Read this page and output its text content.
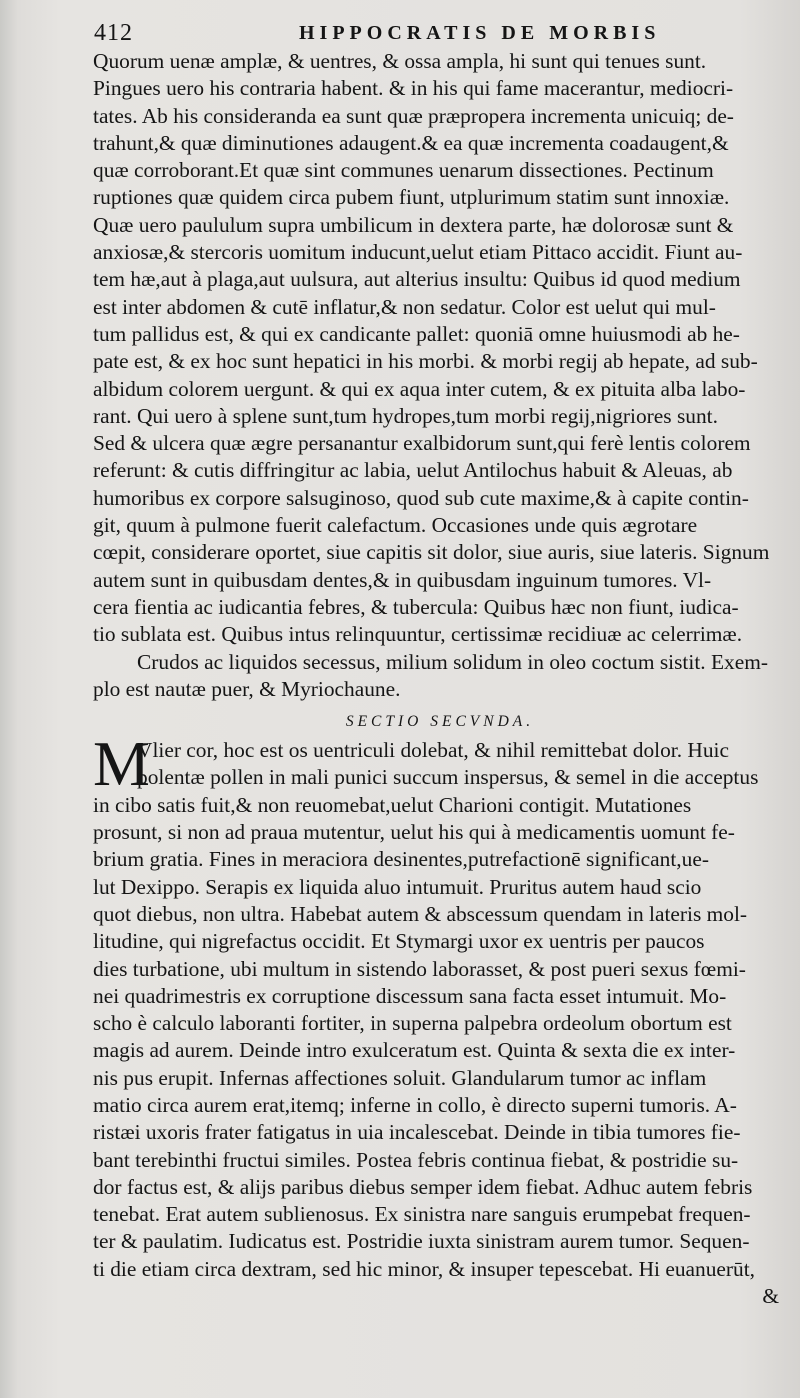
412	HIPPOCRATIS DE MORBIS
Quorum uenæ amplæ, & uentres, & ossa ampla, hi sunt qui tenues sunt.
Pingues uero his contraria habent. & in his qui fame macerantur, mediocri-
tates. Ab his consideranda ea sunt quæ præpropera incrementa unicuiq; de-
trahunt,& quæ diminutiones adaugent.& ea quæ incrementa coadaugent,&
quæ corroborant.Et quæ sint communes uenarum dissectiones. Pectinum
ruptiones quæ quidem circa pubem fiunt, utplurimum statim sunt innoxiæ.
Quæ uero paululum supra umbilicum in dextera parte, hæ dolorosæ sunt &
anxiosæ,& stercoris uomitum inducunt,uelut etiam Pittaco accidit. Fiunt au-
tem hæ,aut à plaga,aut uulsura, aut alterius insultu: Quibus id quod medium
est inter abdomen & cutē inflatur,& non sedatur. Color est uelut qui mul-
tum pallidus est, & qui ex candicante pallet: quoniā omne huiusmodi ab he-
pate est, & ex hoc sunt hepatici in his morbi. & morbi regij ab hepate, ad sub-
albidum colorem uergunt. & qui ex aqua inter cutem, & ex pituita alba labo-
rant. Qui uero à splene sunt,tum hydropes,tum morbi regij,nigriores sunt.
Sed & ulcera quæ ægre persanantur exalbidorum sunt,qui ferè lentis colorem
referunt: & cutis diffringitur ac labia, uelut Antilochus habuit & Aleuas, ab
humoribus ex corpore salsuginoso, quod sub cute maxime,& à capite contin-
git, quum à pulmone fuerit calefactum. Occasiones unde quis ægrotare
cœpit, considerare oportet, siue capitis sit dolor, siue auris, siue lateris. Signum
autem sunt in quibusdam dentes,& in quibusdam inguinum tumores. Vl-
cera fientia ac iudicantia febres, & tubercula: Quibus hæc non fiunt, iudica-
tio sublata est. Quibus intus relinquuntur, certissimæ recidiuæ ac celerrimæ.
Crudos ac liquidos secessus, milium solidum in oleo coctum sistit. Exem-
plo est nautæ puer, & Myriochaune.
SECTIO SECVNDA.
M
Vlier cor, hoc est os uentriculi dolebat, & nihil remittebat dolor. Huic
polentæ pollen in mali punici succum inspersus, & semel in die acceptus
in cibo satis fuit,& non reuomebat,uelut Charioni contigit. Mutationes
prosunt, si non ad praua mutentur, uelut his qui à medicamentis uomunt fe-
brium gratia. Fines in meraciora desinentes,putrefactionē significant,ue-
lut Dexippo. Serapis ex liquida aluo intumuit. Pruritus autem haud scio
quot diebus, non ultra. Habebat autem & abscessum quendam in lateris mol-
litudine, qui nigrefactus occidit. Et Stymargi uxor ex uentris per paucos
dies turbatione, ubi multum in sistendo laborasset, & post pueri sexus fœmi-
nei quadrimestris ex corruptione discessum sana facta esset intumuit. Mo-
scho è calculo laboranti fortiter, in superna palpebra ordeolum obortum est
magis ad aurem. Deinde intro exulceratum est. Quinta & sexta die ex inter-
nis pus erupit. Infernas affectiones soluit. Glandularum tumor ac inflam
matio circa aurem erat,itemq; inferne in collo, è directo superni tumoris. A-
ristæi uxoris frater fatigatus in uia incalescebat. Deinde in tibia tumores fie-
bant terebinthi fructui similes. Postea febris continua fiebat, & postridie su-
dor factus est, & alijs paribus diebus semper idem fiebat. Adhuc autem febris
tenebat. Erat autem sublienosus. Ex sinistra nare sanguis erumpebat frequen-
ter & paulatim. Iudicatus est. Postridie iuxta sinistram aurem tumor. Sequen-
ti die etiam circa dextram, sed hic minor, & insuper tepescebat. Hi euanuerūt,
&
